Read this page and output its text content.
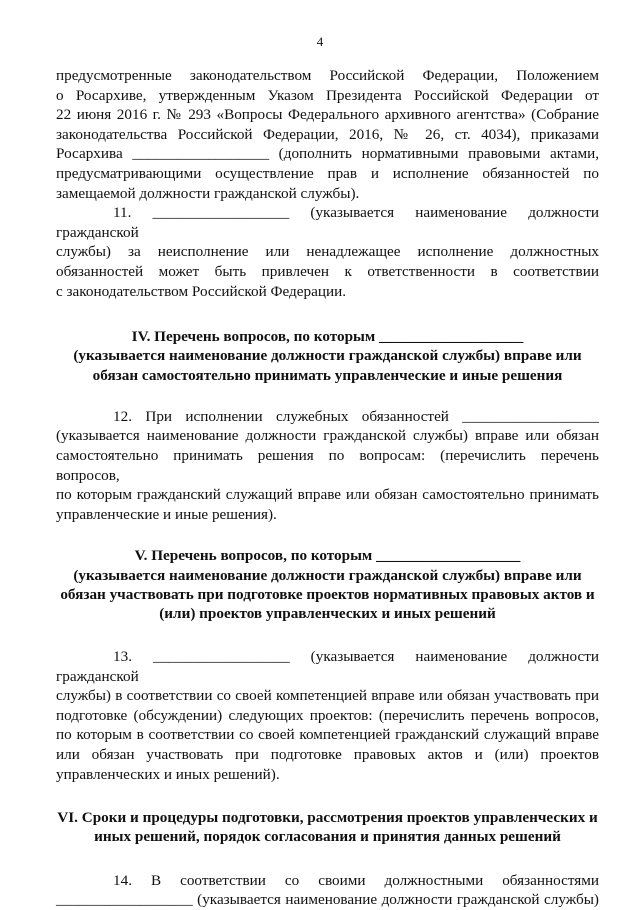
4
предусмотренные законодательством Российской Федерации, Положением
о Росархиве, утвержденным Указом Президента Российской Федерации от
22 июня 2016 г. № 293 «Вопросы Федерального архивного агентства» (Собрание
законодательства Российской Федерации, 2016, № 26, ст. 4034), приказами
Росархива __________________ (дополнить нормативными правовыми актами,
предусматривающими осуществление прав и исполнение обязанностей по
замещаемой должности гражданской службы).
11. __________________ (указывается наименование должности гражданской
службы) за неисполнение или ненадлежащее исполнение должностных
обязанностей может быть привлечен к ответственности в соответствии
с законодательством Российской Федерации.
IV. Перечень вопросов, по которым ___________________
(указывается наименование должности гражданской службы) вправе или
обязан самостоятельно принимать управленческие и иные решения
12. При исполнении служебных обязанностей __________________
(указывается наименование должности гражданской службы) вправе или обязан
самостоятельно принимать решения по вопросам: (перечислить перечень вопросов,
по которым гражданский служащий вправе или обязан самостоятельно принимать
управленческие и иные решения).
V. Перечень вопросов, по которым ___________________
(указывается наименование должности гражданской службы) вправе или
обязан участвовать при подготовке проектов нормативных правовых актов и
(или) проектов управленческих и иных решений
13. __________________ (указывается наименование должности гражданской
службы) в соответствии со своей компетенцией вправе или обязан участвовать при
подготовке (обсуждении) следующих проектов: (перечислить перечень вопросов,
по которым в соответствии со своей компетенцией гражданский служащий вправе
или обязан участвовать при подготовке правовых актов и (или) проектов
управленческих и иных решений).
VI. Сроки и процедуры подготовки, рассмотрения проектов управленческих и
иных решений, порядок согласования и принятия данных решений
14. В соответствии со своими должностными обязанностями
__________________ (указывается наименование должности гражданской службы)
